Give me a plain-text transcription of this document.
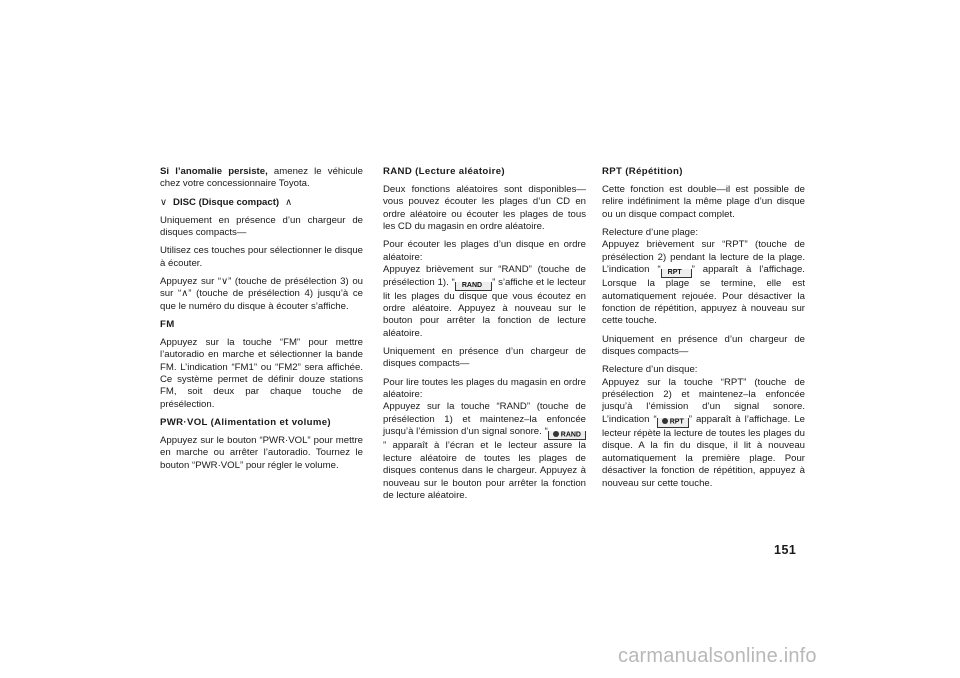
Si l’anomalie persiste, amenez le véhicule chez votre concessionnaire Toyota.

∨ DISC (Disque compact) ∧

Uniquement en présence d’un chargeur de disques compacts—

Utilisez ces touches pour sélectionner le disque à écouter.

Appuyez sur “∨” (touche de présélection 3) ou sur “∧” (touche de présélection 4) jusqu’à ce que le numéro du disque à écouter s’affiche.

FM

Appuyez sur la touche “FM” pour mettre l’autoradio en marche et sélectionner la bande FM. L’indication “FM1” ou “FM2” sera affichée. Ce système permet de définir douze stations FM, soit deux par chaque touche de présélection.

PWR·VOL (Alimentation et volume)

Appuyez sur le bouton “PWR·VOL” pour mettre en marche ou arrêter l’autoradio. Tournez le bouton “PWR·VOL” pour régler le volume.

RAND (Lecture aléatoire)

Deux fonctions aléatoires sont disponibles—vous pouvez écouter les plages d’un CD en ordre aléatoire ou écouter les plages de tous les CD du magasin en ordre aléatoire.

Pour écouter les plages d’un disque en ordre aléatoire:

Appuyez brièvement sur “RAND” (touche de présélection 1). “ RAND ” s’affiche et le lecteur lit les plages du disque que vous écoutez en ordre aléatoire. Appuyez à nouveau sur le bouton pour arrêter la fonction de lecture aléatoire.

Uniquement en présence d’un chargeur de disques compacts—

Pour lire toutes les plages du magasin en ordre aléatoire:

Appuyez sur la touche “RAND” (touche de présélection 1) et maintenez–la enfoncée jusqu’à l’émission d’un signal sonore. “ RAND” apparaît à l’écran et le lecteur assure la lecture aléatoire de toutes les plages de disques contenus dans le chargeur. Appuyez à nouveau sur le bouton pour arrêter la fonction de lecture aléatoire.

RPT (Répétition)

Cette fonction est double—il est possible de relire indéfiniment la même plage d’un disque ou un disque compact complet.

Relecture d’une plage:

Appuyez brièvement sur “RPT” (touche de présélection 2) pendant la lecture de la plage. L’indication “ RPT ” apparaît à l’affichage. Lorsque la plage se termine, elle est automatiquement rejouée. Pour désactiver la fonction de répétition, appuyez à nouveau sur cette touche.

Uniquement en présence d’un chargeur de disques compacts—

Relecture d’un disque:

Appuyez sur la touche “RPT” (touche de présélection 2) et maintenez–la enfoncée jusqu’à l’émission d’un signal sonore. L’indication “ RPT ” apparaît à l’affichage. Le lecteur répète la lecture de toutes les plages du disque. A la fin du disque, il lit à nouveau automatiquement la première plage. Pour désactiver la fonction de répétition, appuyez à nouveau sur cette touche.

151
carmanualsonline.info
